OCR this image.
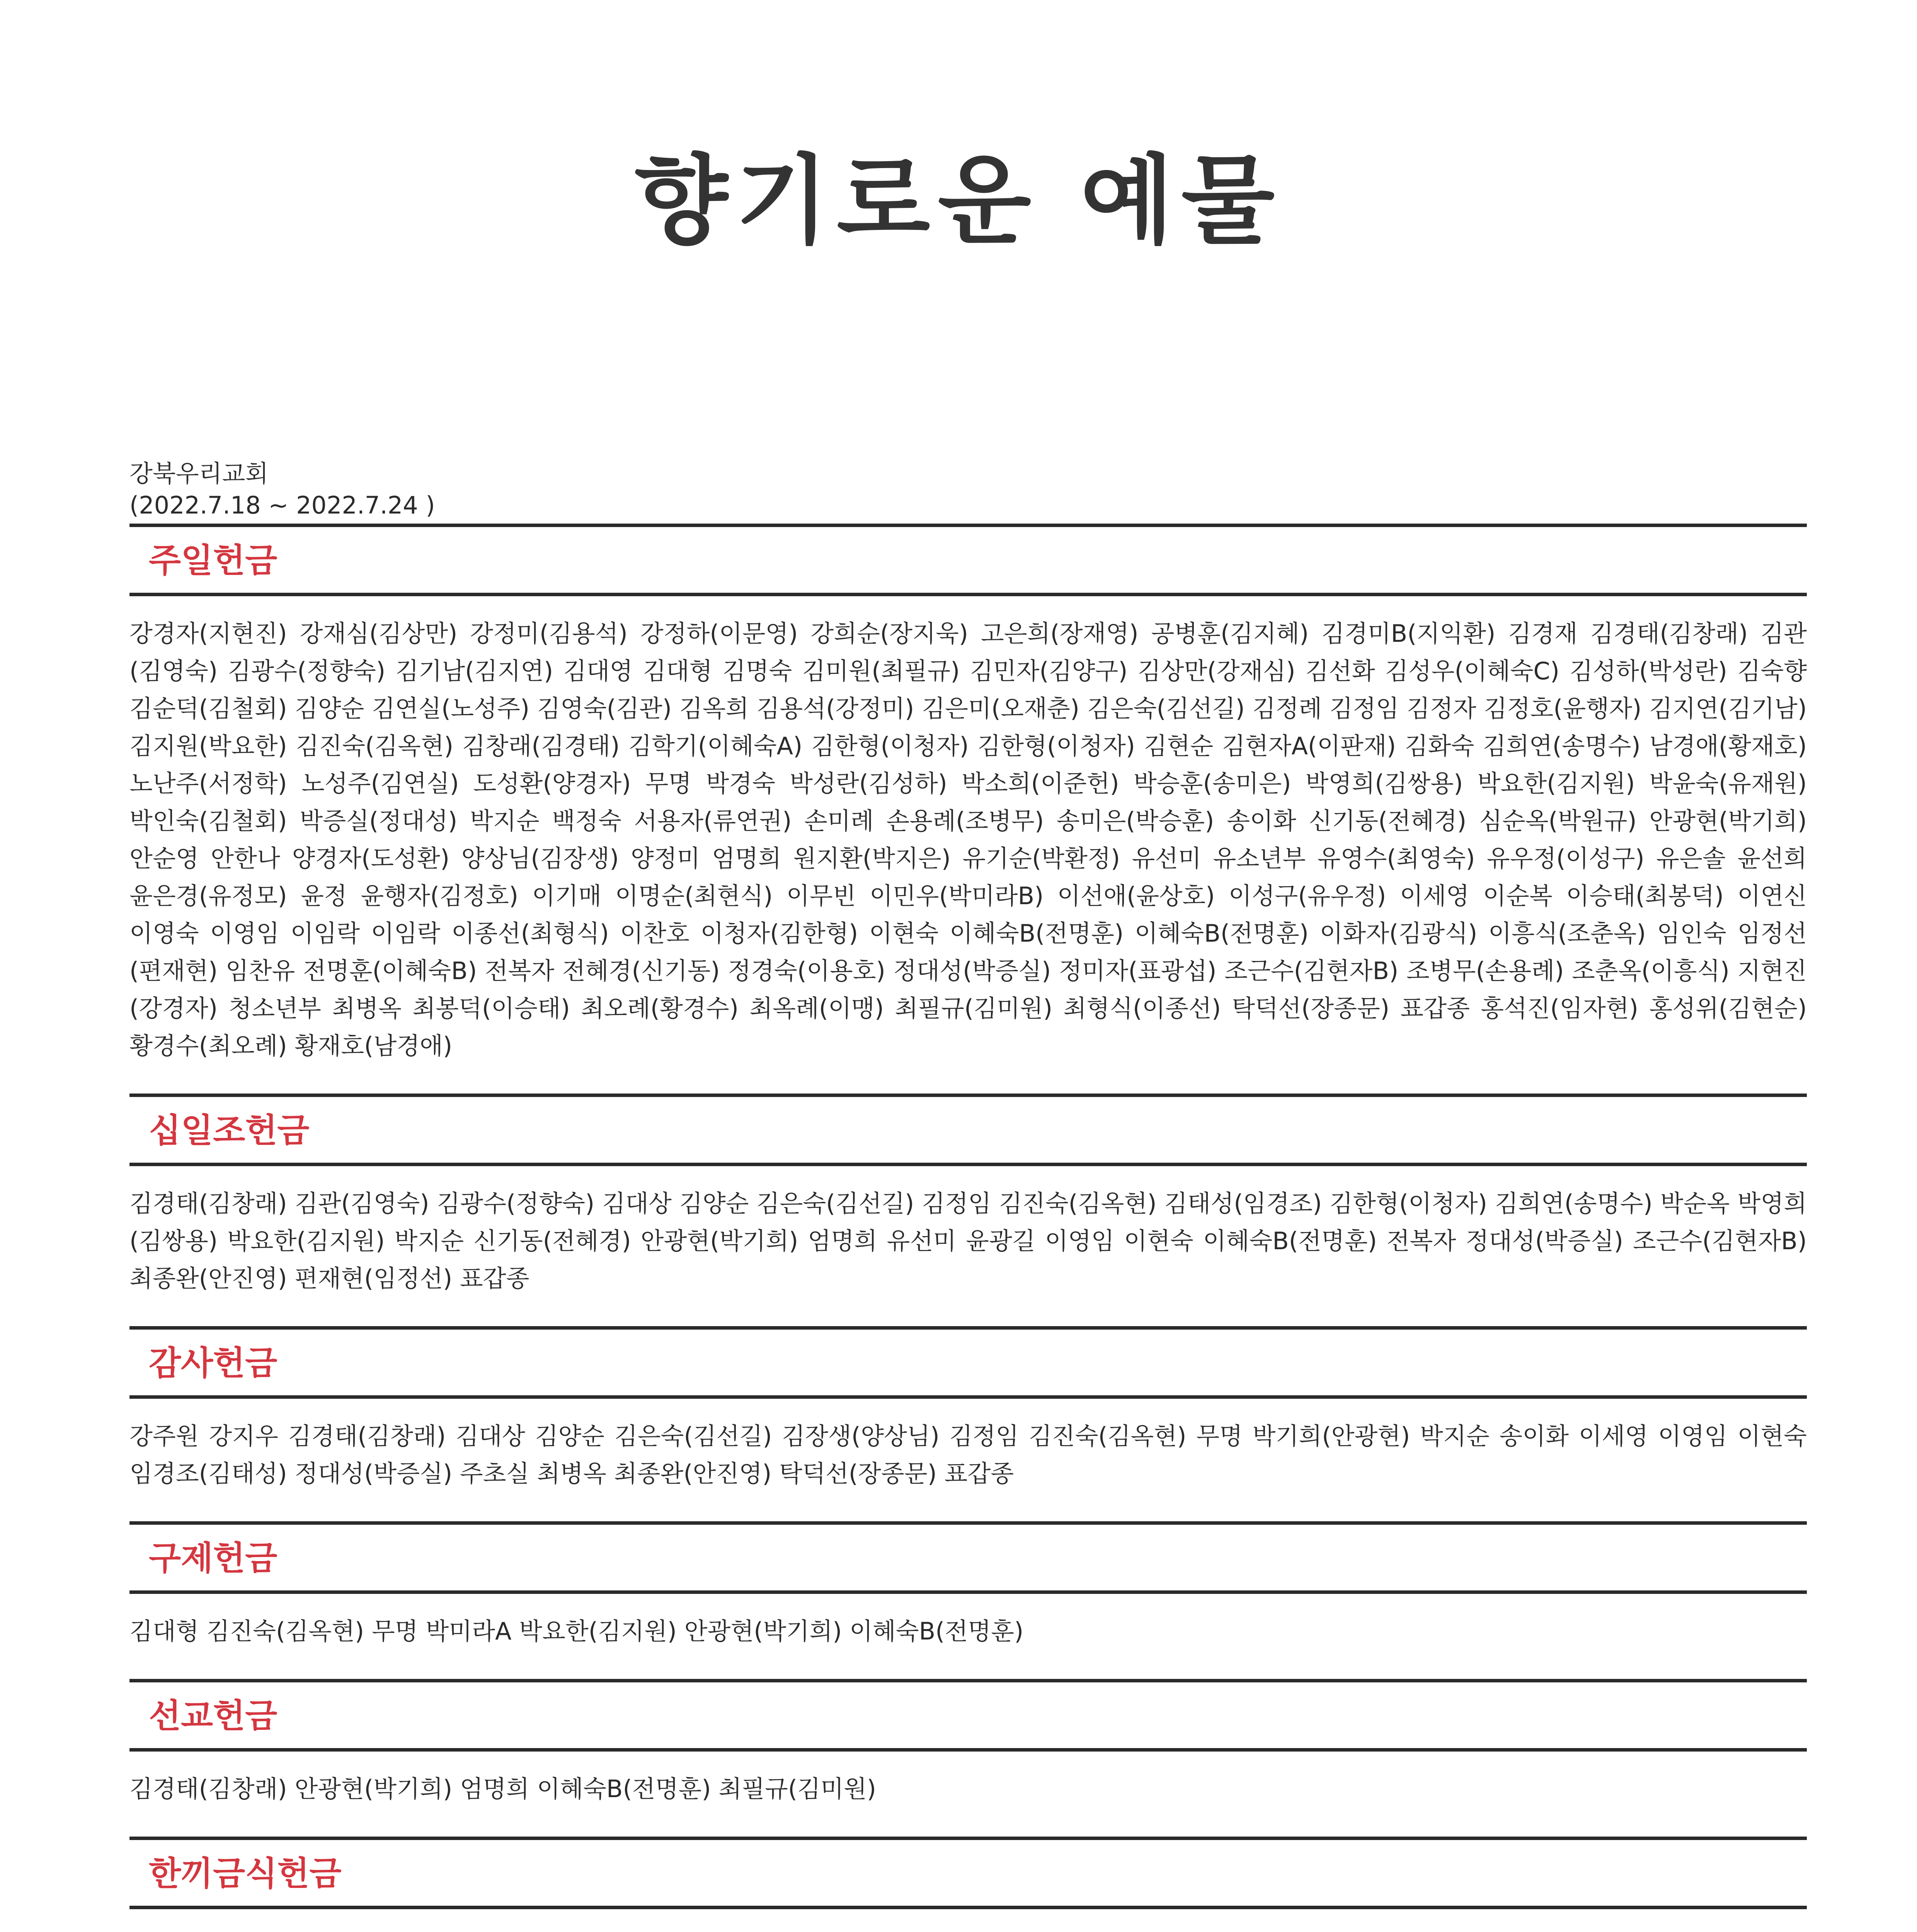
향기로운 예물
강북우리교회
(2022.7.18 ~ 2022.7.24 )
주일헌금
강경자(지현진) 강재심(김상만) 강정미(김용석) 강정하(이문영) 강희순(장지욱) 고은희(장재영) 공병훈(김지혜) 김경미B(지익환) 김경재 김경태(김창래) 김관(김영숙) 김광수(정향숙) 김기남(김지연) 김대영 김대형 김명숙 김미원(최필규) 김민자(김양구) 김상만(강재심) 김선화 김성우(이혜숙C) 김성하(박성란) 김숙향 김순덕(김철회) 김양순 김연실(노성주) 김영숙(김관) 김옥희 김용석(강정미) 김은미(오재춘) 김은숙(김선길) 김정례 김정임 김정자 김정호(윤행자) 김지연(김기남) 김지원(박요한) 김진숙(김옥현) 김창래(김경태) 김학기(이혜숙A) 김한형(이청자) 김한형(이청자) 김현순 김현자A(이판재) 김화숙 김희연(송명수) 남경애(황재호) 노난주(서정학) 노성주(김연실) 도성환(양경자) 무명 박경숙 박성란(김성하) 박소희(이준헌) 박승훈(송미은) 박영희(김쌍용) 박요한(김지원) 박윤숙(유재원) 박인숙(김철회) 박증실(정대성) 박지순 백정숙 서용자(류연권) 손미례 손용례(조병무) 송미은(박승훈) 송이화 신기동(전혜경) 심순옥(박원규) 안광현(박기희) 안순영 안한나 양경자(도성환) 양상님(김장생) 양정미 엄명희 원지환(박지은) 유기순(박환정) 유선미 유소년부 유영수(최영숙) 유우정(이성구) 유은솔 윤선희 윤은경(유정모) 윤정 윤행자(김정호) 이기매 이명순(최현식) 이무빈 이민우(박미라B) 이선애(윤상호) 이성구(유우정) 이세영 이순복 이승태(최봉덕) 이연신 이영숙 이영임 이임락 이임락 이종선(최형식) 이찬호 이청자(김한형) 이현숙 이혜숙B(전명훈) 이혜숙B(전명훈) 이화자(김광식) 이흥식(조춘옥) 임인숙 임정선(편재현) 임찬유 전명훈(이혜숙B) 전복자 전혜경(신기동) 정경숙(이용호) 정대성(박증실) 정미자(표광섭) 조근수(김현자B) 조병무(손용례) 조춘옥(이흥식) 지현진(강경자) 청소년부 최병옥 최봉덕(이승태) 최오례(황경수) 최옥례(이맹) 최필규(김미원) 최형식(이종선) 탁덕선(장종문) 표갑종 홍석진(임자현) 홍성위(김현순) 황경수(최오례) 황재호(남경애)
십일조헌금
김경태(김창래) 김관(김영숙) 김광수(정향숙) 김대상 김양순 김은숙(김선길) 김정임 김진숙(김옥현) 김태성(임경조) 김한형(이청자) 김희연(송명수) 박순옥 박영희(김쌍용) 박요한(김지원) 박지순 신기동(전혜경) 안광현(박기희) 엄명희 유선미 윤광길 이영임 이현숙 이혜숙B(전명훈) 전복자 정대성(박증실) 조근수(김현자B) 최종완(안진영) 편재현(임정선) 표갑종
감사헌금
강주원 강지우 김경태(김창래) 김대상 김양순 김은숙(김선길) 김장생(양상님) 김정임 김진숙(김옥현) 무명 박기희(안광현) 박지순 송이화 이세영 이영임 이현숙 임경조(김태성) 정대성(박증실) 주초실 최병옥 최종완(안진영) 탁덕선(장종문) 표갑종
구제헌금
김대형 김진숙(김옥현) 무명 박미라A 박요한(김지원) 안광현(박기희) 이혜숙B(전명훈)
선교헌금
김경태(김창래) 안광현(박기희) 엄명희 이혜숙B(전명훈) 최필규(김미원)
한끼금식헌금
